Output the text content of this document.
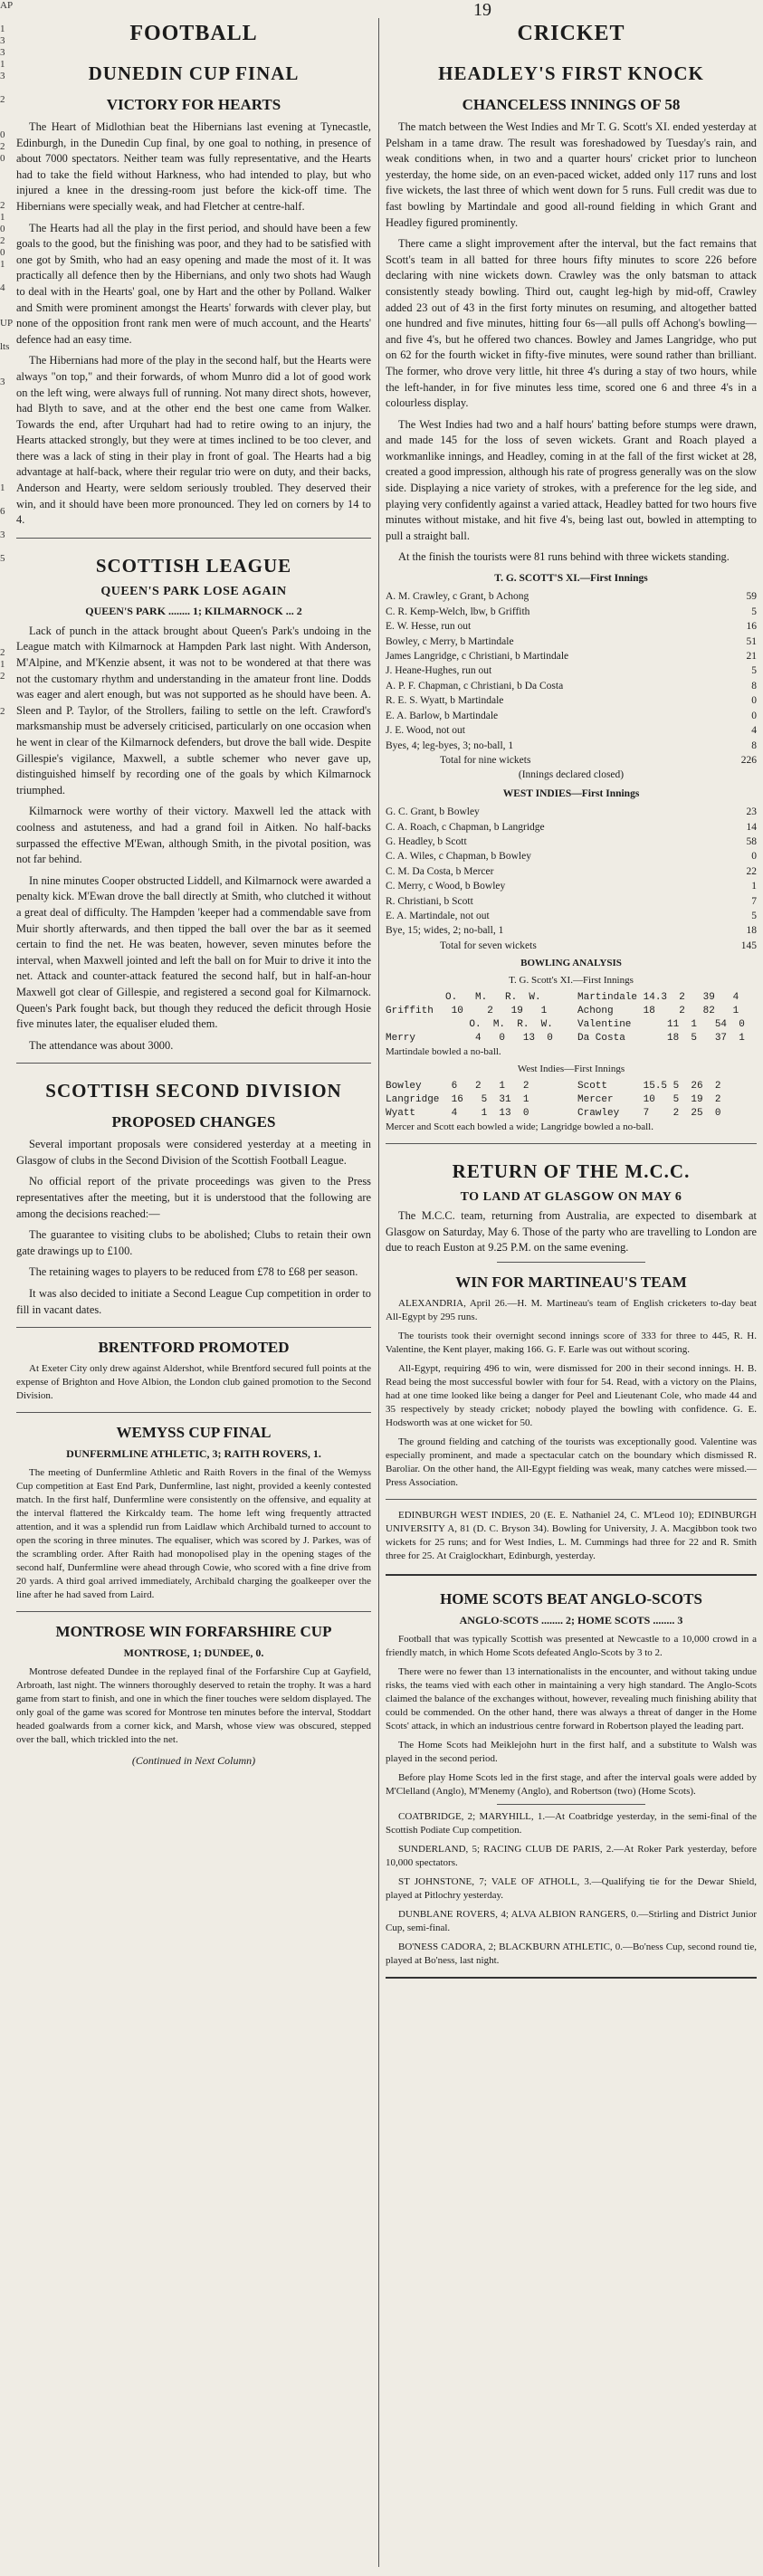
19
AP

1
3
3
1
3

2

0
2
0

2
1
0
2
0
1

4

UP

lts

3

1

6

3

5

2
1
2

2
FOOTBALL
DUNEDIN CUP FINAL
VICTORY FOR HEARTS

The Heart of Midlothian beat the Hibernians last evening at Tynecastle, Edinburgh, in the Dunedin Cup final, by one goal to nothing, in presence of about 7000 spectators. Neither team was fully representative, and the Hearts had to take the field without Harkness, who had intended to play, but who injured a knee in the dressing-room just before the kick-off time. The Hibernians were specially weak, and had Fletcher at centre-half.

The Hearts had all the play in the first period, and should have been a few goals to the good, but the finishing was poor, and they had to be satisfied with one got by Smith, who had an easy opening and made the most of it. It was practically all defence then by the Hibernians, and only two shots had Waugh to deal with in the Hearts' goal, one by Hart and the other by Polland. Walker and Smith were prominent amongst the Hearts' forwards with clever play, but none of the opposition front rank men were of much account, and the Hearts' defence had an easy time.

The Hibernians had more of the play in the second half, but the Hearts were always "on top," and their forwards, of whom Munro did a lot of good work on the left wing, were always full of running. Not many direct shots, however, had Blyth to save, and at the other end the best one came from Walker. Towards the end, after Urquhart had had to retire owing to an injury, the Hearts attacked strongly, but they were at times inclined to be too clever, and there was a lack of sting in their play in front of goal. The Hearts had a big advantage at half-back, where their regular trio were on duty, and their backs, Anderson and Hearty, were seldom seriously troubled. They deserved their win, and it should have been more pronounced. They led on corners by 14 to 4.

SCOTTISH LEAGUE
QUEEN'S PARK LOSE AGAIN
QUEEN'S PARK ........ 1; KILMARNOCK ... 2

Lack of punch in the attack brought about Queen's Park's undoing in the League match with Kilmarnock at Hampden Park last night. With Anderson, M'Alpine, and M'Kenzie absent, it was not to be wondered at that there was not the customary rhythm and understanding in the amateur front line. Dodds was eager and alert enough, but was not supported as he should have been. A. Sleen and P. Taylor, of the Strollers, failing to settle on the left. Crawford's marksmanship must be adversely criticised, particularly on one occasion when he went in clear of the Kilmarnock defenders, but drove the ball wide. Despite Gillespie's vigilance, Maxwell, a subtle schemer who never gave up, distinguished himself by recording one of the goals by which Kilmarnock triumphed.

Kilmarnock were worthy of their victory. Maxwell led the attack with coolness and astuteness, and had a grand foil in Aitken. No half-backs surpassed the effective M'Ewan, although Smith, in the pivotal position, was not far behind.

In nine minutes Cooper obstructed Liddell, and Kilmarnock were awarded a penalty kick. M'Ewan drove the ball directly at Smith, who clutched it without a great deal of difficulty. The Hampden 'keeper had a commendable save from Muir shortly afterwards, and then tipped the ball over the bar as it seemed certain to find the net. He was beaten, however, seven minutes before the interval, when Maxwell jointed and left the ball on for Muir to drive it into the net. Attack and counter-attack featured the second half, but in half-an-hour Maxwell got clear of Gillespie, and registered a second goal for Kilmarnock. Queen's Park fought back, but though they reduced the deficit through Hosie five minutes later, the equaliser eluded them.

The attendance was about 3000.

SCOTTISH SECOND DIVISION
PROPOSED CHANGES

Several important proposals were considered yesterday at a meeting in Glasgow of clubs in the Second Division of the Scottish Football League.

No official report of the private proceedings was given to the Press representatives after the meeting, but it is understood that the following are among the decisions reached:—

The guarantee to visiting clubs to be abolished; Clubs to retain their own gate drawings up to £100.

The retaining wages to players to be reduced from £78 to £68 per season.

It was also decided to initiate a Second League Cup competition in order to fill in vacant dates.

BRENTFORD PROMOTED

At Exeter City only drew against Aldershot, while Brentford secured full points at the expense of Brighton and Hove Albion, the London club gained promotion to the Second Division.

WEMYSS CUP FINAL
DUNFERMLINE ATHLETIC, 3; RAITH ROVERS, 1.

The meeting of Dunfermline Athletic and Raith Rovers in the final of the Wemyss Cup competition at East End Park, Dunfermline, last night, provided a keenly contested match. In the first half, Dunfermline were consistently on the offensive, and equality at the interval flattered the Kirkcaldy team. The home left wing frequently attracted attention, and it was a splendid run from Laidlaw which Archibald turned to account to open the scoring in three minutes. The equaliser, which was scored by J. Parkes, was of the scrambling order. After Raith had monopolised play in the opening stages of the second half, Dunfermline were ahead through Cowie, who scored with a fine drive from 20 yards. A third goal arrived immediately, Archibald charging the goalkeeper over the line after he had saved from Laird.

MONTROSE WIN FORFARSHIRE CUP
MONTROSE, 1; DUNDEE, 0.

Montrose defeated Dundee in the replayed final of the Forfarshire Cup at Gayfield, Arbroath, last night. The winners thoroughly deserved to retain the trophy. It was a hard game from start to finish, and one in which the finer touches were seldom displayed. The only goal of the game was scored for Montrose ten minutes before the interval, Stoddart headed goalwards from a corner kick, and Marsh, whose view was obscured, stepped over the ball, which trickled into the net.

(Continued in Next Column)
CRICKET
HEADLEY'S FIRST KNOCK
CHANCELESS INNINGS OF 58

The match between the West Indies and Mr T. G. Scott's XI. ended yesterday at Pelsham in a tame draw. The result was foreshadowed by Tuesday's rain, and weak conditions when, in two and a quarter hours' cricket prior to luncheon yesterday, the home side, on an even-paced wicket, added only 117 runs and lost five wickets, the last three of which went down for 5 runs. Full credit was due to fast bowling by Martindale and good all-round fielding in which Grant and Headley figured prominently.

There came a slight improvement after the interval, but the fact remains that Scott's team in all batted for three hours fifty minutes to score 226 before declaring with nine wickets down. Crawley was the only batsman to attack consistently steady bowling. Third out, caught leg-high by mid-off, Crawley added 23 out of 43 in the first forty minutes on resuming, and altogether batted one hundred and five minutes, hitting four 6s—all pulls off Achong's bowling—and five 4's, but he offered two chances. Bowley and James Langridge, who put on 62 for the fourth wicket in fifty-five minutes, were sound rather than brilliant. The former, who drove very little, hit three 4's during a stay of two hours, while the left-hander, in for five minutes less time, scored one 6 and three 4's in a colourless display.

The West Indies had two and a half hours' batting before stumps were drawn, and made 145 for the loss of seven wickets. Grant and Roach played a workmanlike innings, and Headley, coming in at the fall of the first wicket at 28, created a good impression, although his rate of progress generally was on the slow side. Displaying a nice variety of strokes, with a preference for the leg side, and playing very confidently against a varied attack, Headley batted for two hours five minutes without mistake, and hit five 4's, being last out, bowled in attempting to pull a straight ball.

At the finish the tourists were 81 runs behind with three wickets standing.

T. G. SCOTT'S XI.—First Innings
A. M. Crawley, c Grant, b Achong	59
C. R. Kemp-Welch, lbw, b Griffith	5
E. W. Hesse, run out	16
Bowley, c Merry, b Martindale	51
James Langridge, c Christiani, b Martindale	21
J. Heane-Hughes, run out	5
A. P. F. Chapman, c Christiani, b Da Costa	8
R. E. S. Wyatt, b Martindale	0
E. A. Barlow, b Martindale	0
J. E. Wood, not out	4
Byes, 4; leg-byes, 3; no-ball, 1	8
Total for nine wickets	226
(Innings declared closed)
WEST INDIES—First Innings
G. C. Grant, b Bowley	23
C. A. Roach, c Chapman, b Langridge	14
G. Headley, b Scott	58
C. A. Wiles, c Chapman, b Bowley	0
C. M. Da Costa, b Mercer	22
C. Merry, c Wood, b Bowley	1
R. Christiani, b Scott	7
E. A. Martindale, not out	5
Bye, 15; wides, 2; no-ball, 1	18
Total for seven wickets	145
BOWLING ANALYSIS
T. G. Scott's XI.—First Innings
O.   M.   R.  W.	Martindale 14.3  2   39   4
Griffith   10    2   19   1	Achong     18    2   82   1
O.  M.  R.  W.	Valentine      11  1   54  0
Merry          4   0   13  0	Da Costa       18  5   37  1
Martindale bowled a no-ball.
West Indies—First Innings
Bowley     6   2   1   2	Scott      15.5 5  26  2
Langridge  16   5  31  1	Mercer     10   5  19  2
Wyatt      4    1  13  0	Crawley    7    2  25  0
Mercer and Scott each bowled a wide; Langridge bowled a no-ball.
RETURN OF THE M.C.C.
TO LAND AT GLASGOW ON MAY 6

The M.C.C. team, returning from Australia, are expected to disembark at Glasgow on Saturday, May 6. Those of the party who are travelling to London are due to reach Euston at 9.25 P.M. on the same evening.

WIN FOR MARTINEAU'S TEAM

ALEXANDRIA, April 26.—H. M. Martineau's team of English cricketers to-day beat All-Egypt by 295 runs.

The tourists took their overnight second innings score of 333 for three to 445, R. H. Valentine, the Kent player, making 166. G. F. Earle was out without scoring.

All-Egypt, requiring 496 to win, were dismissed for 200 in their second innings. H. B. Read being the most successful bowler with four for 54. Read, with a victory on the Plains, had at one time looked like being a danger for Peel and Lieutenant Cole, who made 44 and 35 respectively by steady cricket; nobody played the bowling with confidence. G. E. Hodsworth was at one wicket for 50.

The ground fielding and catching of the tourists was exceptionally good. Valentine was especially prominent, and made a spectacular catch on the boundary which dismissed R. Baroliar. On the other hand, the All-Egypt fielding was weak, many catches were missed.—Press Association.

EDINBURGH WEST INDIES, 20 (E. E. Nathaniel 24, C. M'Leod 10); EDINBURGH UNIVERSITY A, 81 (D. C. Bryson 34). Bowling for University, J. A. Macgibbon took two wickets for 25 runs; and for West Indies, L. M. Cummings had three for 22 and R. Smith three for 25. At Craiglockhart, Edinburgh, yesterday.

HOME SCOTS BEAT ANGLO-SCOTS
ANGLO-SCOTS ........ 2; HOME SCOTS ........ 3

Football that was typically Scottish was presented at Newcastle to a 10,000 crowd in a friendly match, in which Home Scots defeated Anglo-Scots by 3 to 2.

There were no fewer than 13 internationalists in the encounter, and without taking undue risks, the teams vied with each other in maintaining a very high standard. The Anglo-Scots claimed the balance of the exchanges without, however, revealing much finishing ability that could be commended. On the other hand, there was always a threat of danger in the Home Scots' attack, in which an industrious centre forward in Robertson played the leading part.

The Home Scots had Meiklejohn hurt in the first half, and a substitute to Walsh was played in the second period.

Before play Home Scots led in the first stage, and after the interval goals were added by M'Clelland (Anglo), M'Menemy (Anglo), and Robertson (two) (Home Scots).

COATBRIDGE, 2; MARYHILL, 1.—At Coatbridge yesterday, in the semi-final of the Scottish Podiate Cup competition.

SUNDERLAND, 5; RACING CLUB DE PARIS, 2.—At Roker Park yesterday, before 10,000 spectators.

ST JOHNSTONE, 7; VALE OF ATHOLL, 3.—Qualifying tie for the Dewar Shield, played at Pitlochry yesterday.

DUNBLANE ROVERS, 4; ALVA ALBION RANGERS, 0.—Stirling and District Junior Cup, semi-final.

BO'NESS CADORA, 2; BLACKBURN ATHLETIC, 0.—Bo'ness Cup, second round tie, played at Bo'ness, last night.
